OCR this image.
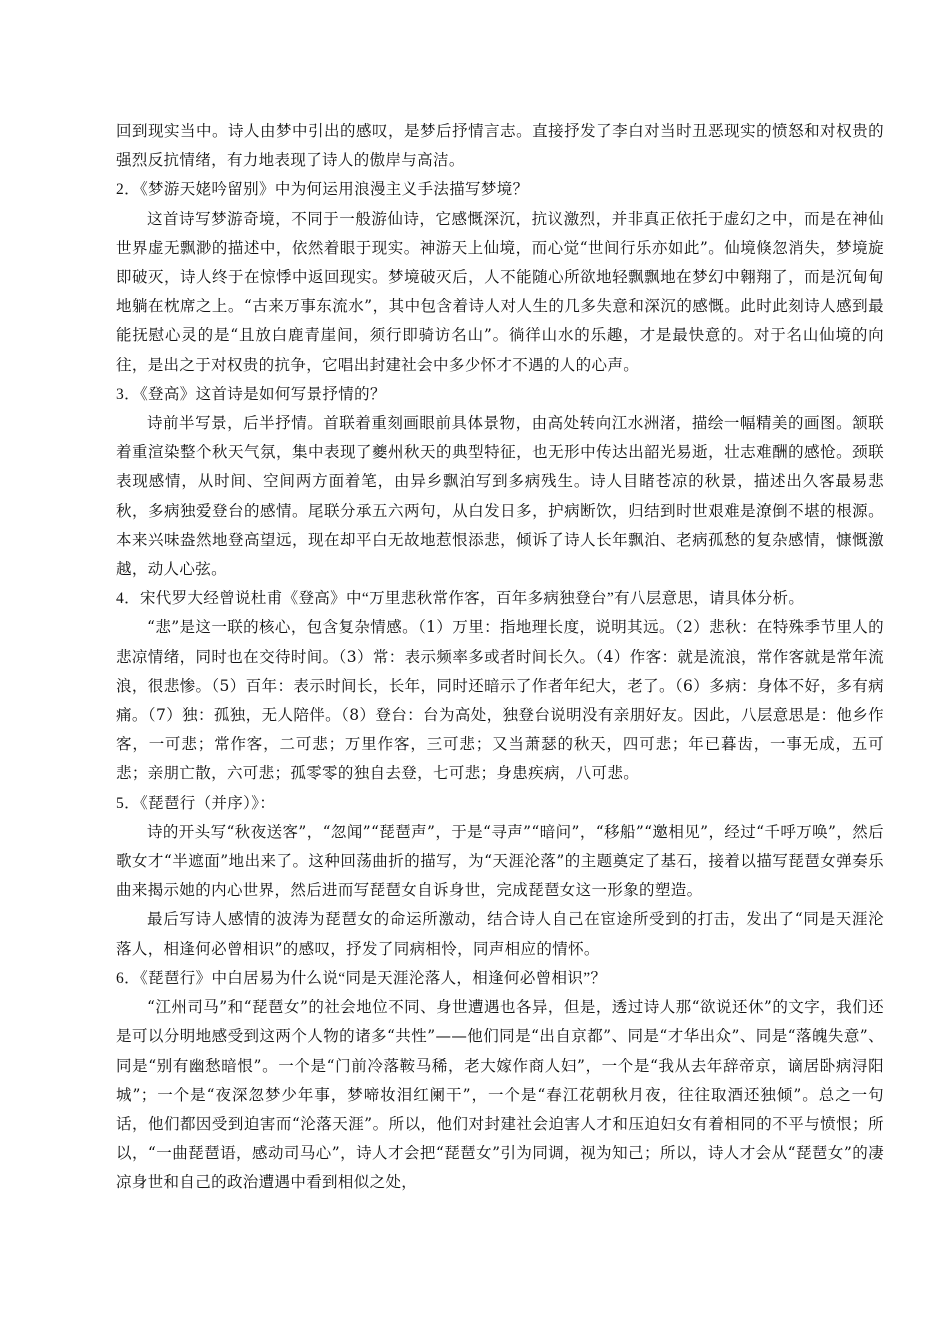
回到现实当中。诗人由梦中引出的感叹，是梦后抒情言志。直接抒发了李白对当时丑恶现实的愤怒和对权贵的强烈反抗情绪，有力地表现了诗人的傲岸与高洁。

2．《梦游天姥吟留别》中为何运用浪漫主义手法描写梦境？

这首诗写梦游奇境，不同于一般游仙诗，它感慨深沉，抗议激烈，并非真正依托于虚幻之中，而是在神仙世界虚无飘渺的描述中，依然着眼于现实。神游天上仙境，而心觉“世间行乐亦如此”。仙境倏忽消失，梦境旋即破灭，诗人终于在惊悸中返回现实。梦境破灭后，人不能随心所欲地轻飘飘地在梦幻中翱翔了，而是沉甸甸地躺在枕席之上。“古来万事东流水”，其中包含着诗人对人生的几多失意和深沉的感慨。此时此刻诗人感到最能抚慰心灵的是“且放白鹿青崖间，须行即骑访名山”。徜徉山水的乐趣，才是最快意的。对于名山仙境的向往，是出之于对权贵的抗争，它唱出封建社会中多少怀才不遇的人的心声。

3．《登高》这首诗是如何写景抒情的？

诗前半写景，后半抒情。首联着重刻画眼前具体景物，由高处转向江水洲渚，描绘一幅精美的画图。颔联着重渲染整个秋天气氛，集中表现了夔州秋天的典型特征，也无形中传达出韶光易逝，壮志难酬的感怆。颈联表现感情，从时间、空间两方面着笔，由异乡飘泊写到多病残生。诗人目睹苍凉的秋景，描述出久客最易悲秋，多病独爱登台的感情。尾联分承五六两句，从白发日多，护病断饮，归结到时世艰难是潦倒不堪的根源。本来兴味盎然地登高望远，现在却平白无故地惹恨添悲，倾诉了诗人长年飘泊、老病孤愁的复杂感情，慷慨激越，动人心弦。

4．宋代罗大经曾说杜甫《登高》中“万里悲秋常作客，百年多病独登台”有八层意思，请具体分析。

“悲”是这一联的核心，包含复杂情感。（1）万里：指地理长度，说明其远。（2）悲秋：在特殊季节里人的悲凉情绪，同时也在交待时间。（3）常：表示频率多或者时间长久。（4）作客：就是流浪，常作客就是常年流浪，很悲惨。（5）百年：表示时间长，长年，同时还暗示了作者年纪大，老了。（6）多病：身体不好，多有病痛。（7）独：孤独，无人陪伴。（8）登台：台为高处，独登台说明没有亲朋好友。因此，八层意思是：他乡作客，一可悲；常作客，二可悲；万里作客，三可悲；又当萧瑟的秋天，四可悲；年已暮齿，一事无成，五可悲；亲朋亡散，六可悲；孤零零的独自去登，七可悲；身患疾病，八可悲。

5．《琵琶行（并序）》：

诗的开头写“秋夜送客”，“忽闻”“琵琶声”，于是“寻声”“暗问”，“移船”“邀相见”，经过“千呼万唤”，然后歌女才“半遮面”地出来了。这种回荡曲折的描写，为“天涯沦落”的主题奠定了基石，接着以描写琵琶女弹奏乐曲来揭示她的内心世界，然后进而写琵琶女自诉身世，完成琵琶女这一形象的塑造。

最后写诗人感情的波涛为琵琶女的命运所激动，结合诗人自己在宦途所受到的打击，发出了“同是天涯沦落人，相逢何必曾相识”的感叹，抒发了同病相怜，同声相应的情怀。

6．《琵琶行》中白居易为什么说“同是天涯沦落人，相逢何必曾相识”？

“江州司马”和“琵琶女”的社会地位不同、身世遭遇也各异，但是，透过诗人那“欲说还休”的文字，我们还是可以分明地感受到这两个人物的诸多“共性”——他们同是“出自京都”、同是“才华出众”、同是“落魄失意”、同是“别有幽愁暗恨”。一个是“门前冷落鞍马稀，老大嫁作商人妇”，一个是“我从去年辞帝京，谪居卧病浔阳城”；一个是“夜深忽梦少年事，梦啼妆泪红阑干”，一个是“春江花朝秋月夜，往往取酒还独倾”。总之一句话，他们都因受到迫害而“沦落天涯”。所以，他们对封建社会迫害人才和压迫妇女有着相同的不平与愤恨；所以，“一曲琵琶语，感动司马心”，诗人才会把“琵琶女”引为同调，视为知己；所以，诗人才会从“琵琶女”的凄凉身世和自己的政治遭遇中看到相似之处，
